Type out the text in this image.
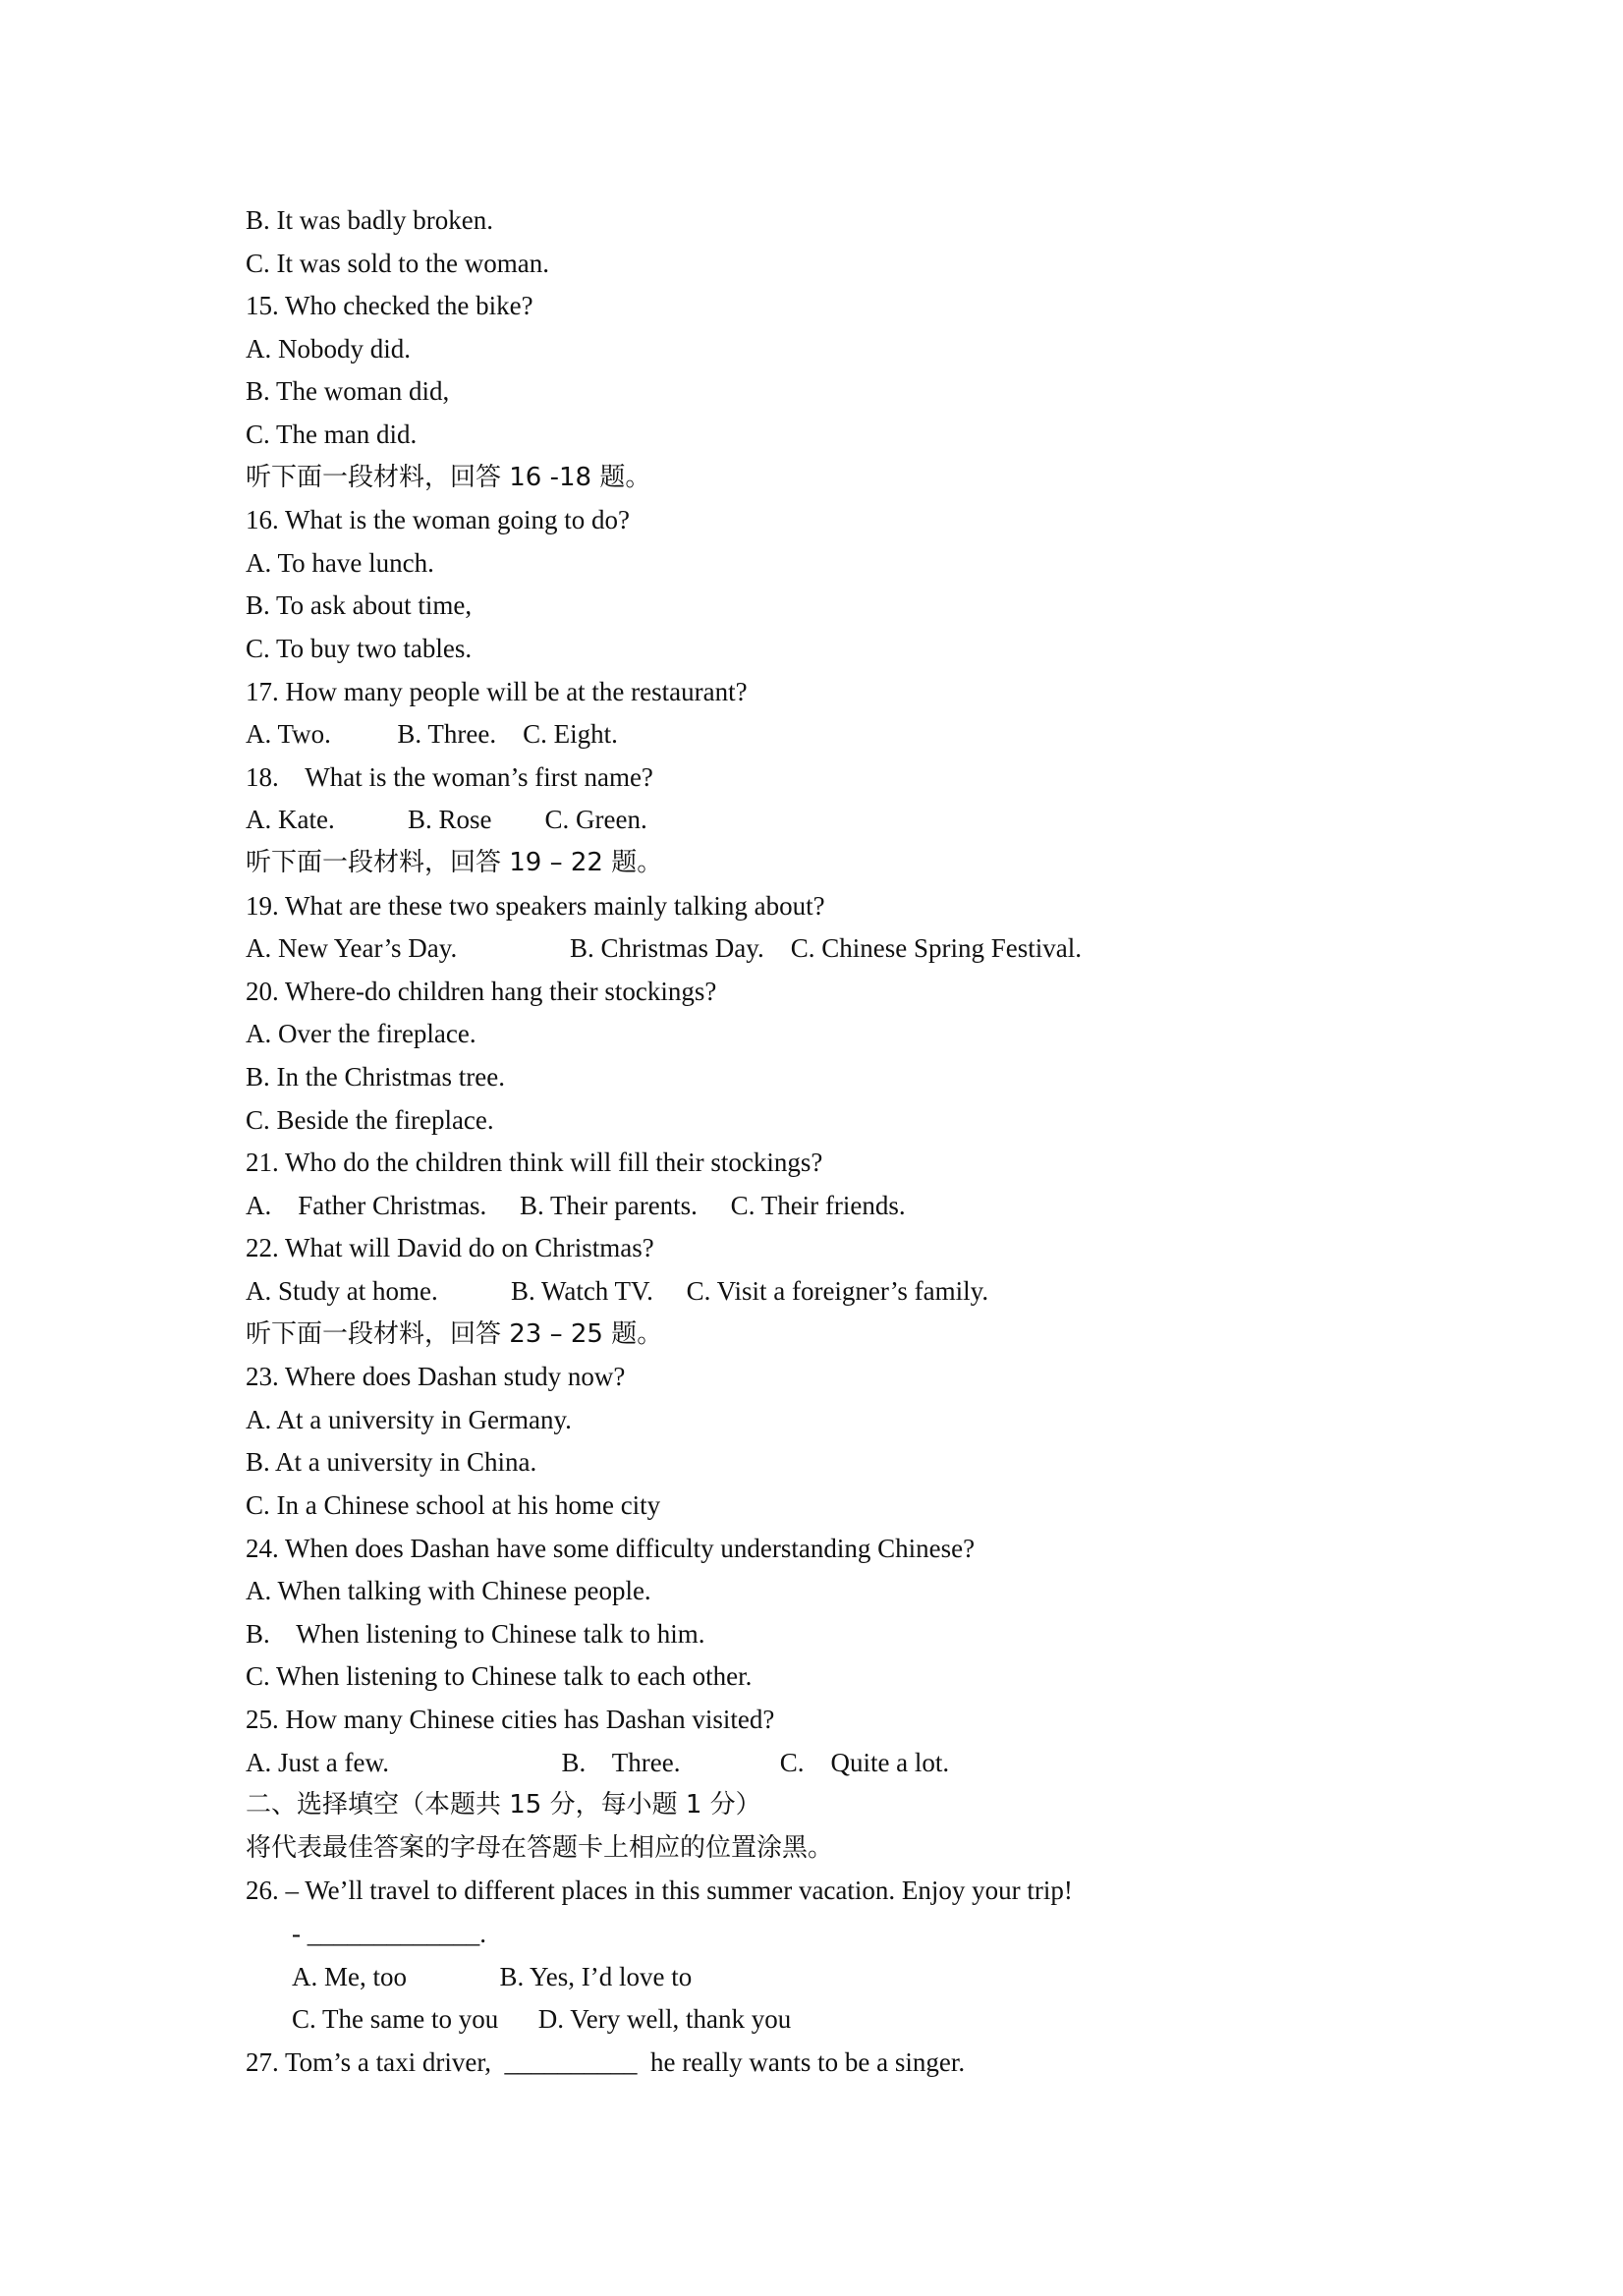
B. It was badly broken.
C. It was sold to the woman.
15. Who checked the bike?
A. Nobody did.
B. The woman did,
C. The man did.
听下面一段材料，回答 16 -18 题。
16. What is the woman going to do?
A. To have lunch.
B. To ask about time,
C. To buy two tables.
17. How many people will be at the restaurant?
A. Two.          B. Three.    C. Eight.
18.    What is the woman’s first name?
A. Kate.           B. Rose        C. Green.
听下面一段材料，回答 19 – 22 题。
19. What are these two speakers mainly talking about?
A. New Year’s Day.                 B. Christmas Day.    C. Chinese Spring Festival.
20. Where-do children hang their stockings?
A. Over the fireplace.
B. In the Christmas tree.
C. Beside the fireplace.
21. Who do the children think will fill their stockings?
A.    Father Christmas.     B. Their parents.     C. Their friends.
22. What will David do on Christmas?
A. Study at home.           B. Watch TV.     C. Visit a foreigner’s family.
听下面一段材料，回答 23 – 25 题。
23. Where does Dashan study now?
A. At a university in Germany.
B. At a university in China.
C. In a Chinese school at his home city
24. When does Dashan have some difficulty understanding Chinese?
A. When talking with Chinese people.
B.    When listening to Chinese talk to him.
C. When listening to Chinese talk to each other.
25. How many Chinese cities has Dashan visited?
A. Just a few.                          B.    Three.               C.    Quite a lot.
二、选择填空（本题共 15 分，每小题 1 分）
将代表最佳答案的字母在答题卡上相应的位置涂黑。
26. – We’ll travel to different places in this summer vacation. Enjoy your trip!
- _____________.
A. Me, too              B. Yes, I’d love to
C. The same to you      D. Very well, thank you
27. Tom’s a taxi driver,  __________  he really wants to be a singer.
